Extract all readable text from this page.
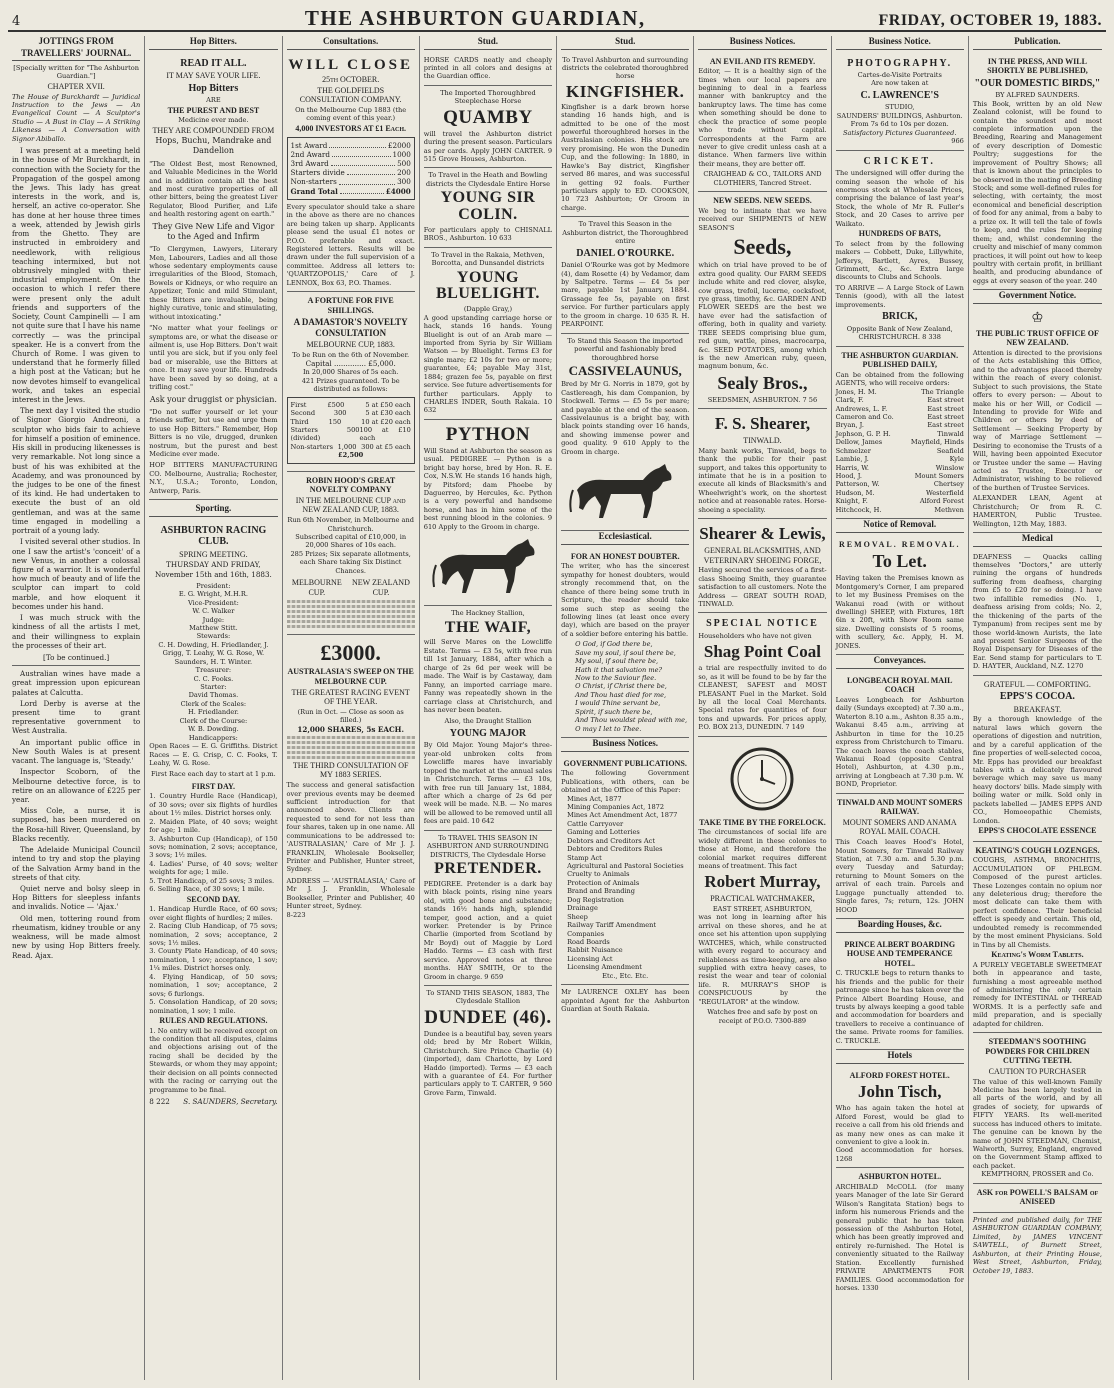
4	THE ASHBURTON GUARDIAN,	FRIDAY, OCTOBER 19, 1883.
JOTTINGS FROM TRAVELLERS' JOURNAL.
[Specially written for "The Ashburton Guardian."]
CHAPTER XVII.
The House of Burckhardt — Juridical Instruction to the Jews — An Evangelical Count — A Sculptor's Studio — A Bust in Clay — A Striking Likeness — A Conversation with Signor Abiballo.

I was present at a meeting held in the house of Mr Burckhardt, in connection with the Society for the Propagation of the gospel among the Jews. This lady has great interests in the work, and is, herself, an active co-operator. She has done at her house three times a week, attended by Jewish girls from the Ghetto. They are instructed in embroidery and needlework, with religious teaching intermixed, but not obtrusively mingled with their industrial employment. On the occasion to which I refer there were present only the adult friends and supporters of the Society, Count Campinelli — I am not quite sure that I have his name correctly — was the principal speaker. He is a convert from the Church of Rome. I was given to understand that he formerly filled a high post at the Vatican; but he now devotes himself to evangelical work, and takes an especial interest in the Jews.

The next day I visited the studio of Signor Giorgio Andreoni, a sculptor who bids fair to achieve for himself a position of eminence. His skill in producing likenesses is very remarkable. Not long since a bust of his was exhibited at the Academy, and was pronounced by the judges to be one of the finest of its kind. He had undertaken to execute the bust of an old gentleman, and was at the same time engaged in modelling a portrait of a young lady.

I visited several other studios. In one I saw the artist's 'conceit' of a new Venus, in another a colossal figure of a warrior. It is wonderful how much of beauty and of life the sculptor can impart to cold marble, and how eloquent it becomes under his hand.

I was much struck with the kindness of all the artists I met, and their willingness to explain the processes of their art.

[To be continued.]

Australian wines have made a great impression upon epicurean palates at Calcutta.

Lord Derby is averse at the present time to grant representative government to West Australia.

An important public office in New South Wales is at present vacant. The language is, 'Steady.'

Inspector Scoborn, of the Melbourne detective force, is to retire on an allowance of £225 per year.

Miss Cole, a nurse, it is supposed, has been murdered on the Rosa-hill River, Queensland, by Blacks recently.

The Adelaide Municipal Council intend to try and stop the playing of the Salvation Army band in the streets of that city.

Quiet nerve and bolsy sleep in Hop Bitters for sleepless infants and invalids. Notice — 'Ajax.'

Old men, tottering round from rheumatism, kidney trouble or any weakness, will be made almost new by using Hop Bitters freely. Read. Ajax.

Hop Bitters.
READ IT ALL.
IT MAY SAVE YOUR LIFE.
Hop Bitters
ARE
THE PUREST AND BEST
Medicine ever made.
THEY ARE COMPOUNDED FROM
Hops, Buchu, Mandrake and Dandelion

"The Oldest Best, most Renowned, and Valuable Medicines in the World and in addition contain all the best and most curative properties of all other bitters, being the greatest Liver Regulator, Blood Purifier, and Life and health restoring agent on earth."

They Give New Life and Vigor to the Aged and Infirm

"To Clergymen, Lawyers, Literary Men, Labourers, Ladies and all those whose sedentary employments cause irregularities of the Blood, Stomach, Bowels or Kidneys, or who require an Appetizer, Tonic and mild Stimulant, these Bitters are invaluable, being highly curative, tonic and stimulating, without intoxicating."

"No matter what your feelings or symptoms are, or what the disease or ailment is, use Hop Bitters. Don't wait until you are sick, but if you only feel bad or miserable, use the Bitters at once. It may save your life. Hundreds have been saved by so doing, at a trifling cost."

Ask your druggist or physician.

"Do not suffer yourself or let your friends suffer, but use and urge them to use Hop Bitters." Remember, Hop Bitters is no vile, drugged, drunken nostrum, but the purest and best Medicine ever made.

HOP BITTERS MANUFACTURING CO. Melbourne, Australia; Rochester, N.Y., U.S.A.; Toronto, London, Antwerp, Paris.

Sporting.
ASHBURTON RACING CLUB.
SPRING MEETING.
THURSDAY AND FRIDAY, November 15th and 16th, 1883.
President:
E. G. Wright, M.H.R.
Vice-President:
W. C. Walker
Judge:
Matthew Stitt.
Stewards:
C. H. Dowding, H. Friedlander, J. Grigg, T. Leahy, W. G. Rose, W. Saunders, H. T. Winter.
Treasurer:
C. C. Fooks.
Starter:
David Thomas.
Clerk of the Scales:
H. Friedlander.
Clerk of the Course:
W. B. Dowding.
Handicappers:
Open Races — E. G. Griffiths. District Races — E. G. Crisp, C. C. Fooks, T. Leahy, W. G. Rose.
First Race each day to start at 1 p.m.
FIRST DAY.

1. Country Hurdle Race (Handicap), of 30 sovs; over six flights of hurdles about 1½ miles. District horses only.

2. Maiden Plate, of 40 sovs; weight for age; 1 mile.

3. Ashburton Cup (Handicap), of 150 sovs; nomination, 2 sovs; acceptance, 3 sovs; 1½ miles.

4. Ladies' Purse, of 40 sovs; welter weights for age; 1 mile.

5. Trot Handicap, of 25 sovs; 3 miles.

6. Selling Race, of 30 sovs; 1 mile.

SECOND DAY.

1. Handicap Hurdle Race, of 60 sovs; over eight flights of hurdles; 2 miles.

2. Racing Club Handicap, of 75 sovs; nomination, 2 sovs; acceptance, 2 sovs; 1½ miles.

3. County Plate Handicap, of 40 sovs; nomination, 1 sov; acceptance, 1 sov; 1¼ miles. District horses only.

4. Flying Handicap, of 50 sovs; nomination, 1 sov; acceptance, 2 sovs; 6 furlongs.

5. Consolation Handicap, of 20 sovs; nomination, 1 sov; 1 mile.

RULES AND REGULATIONS.

1. No entry will be received except on the condition that all disputes, claims and objections arising out of the racing shall be decided by the Stewards, or whom they may appoint; their decision on all points connected with the racing or carrying out the programme to be final.

8 222 S. SAUNDERS, Secretary.
Consultations.
WILL CLOSE
25th OCTOBER.
THE GOLDFIELDS CONSULTATION COMPANY.
On the Melbourne Cup 1883 (the coming event of this year.)
4,000 INVESTORS AT £1 Each.
1st Award	£2000
2nd Award	1000
3rd Award	500
Starters divide	200
Non-starters	300
Grand Total	£4000

Every speculator should take a share in the above as there are no chances are being taken up sharp. Applicants please send the usual £1 notes or P.O.O. preferable and exact. Registered letters. Results will be drawn under the full supervision of a committee. Address all letters to: 'QUARTZOPOLIS,' Care of J. LENNOX, Box 63, P.O. Thames.

A FORTUNE FOR FIVE SHILLINGS.
A DAMASTOR'S NOVELTY CONSULTATION
MELBOURNE CUP, 1883.
To be Run on the 6th of November.
Capital .............. £5,000.
In 20,000 Shares of 5s each.
421 Prizes guaranteed. To be distributed as follows:
First	£500	5 at £50 each
Second	300	5 at £30 each
Third	150	10 at £20 each
Starters (divided)
500 100 at £10 each
Non-starters 1,000 300 at £5 each
£2,500
ROBIN HOOD'S GREAT NOVELTY COMPANY
IN THE MELBOURNE CUP and NEW ZEALAND CUP, 1883.
Run 6th November, in Melbourne and Christchurch.
Subscribed capital of £10,000, in 20,000 Shares of 10s each.
285 Prizes; Six separate allotments, each Share taking Six Distinct Chances.
MELBOURNE CUP.
NEW ZEALAND CUP.
£3000.
AUSTRALASIA'S SWEEP ON THE MELBOURNE CUP.
THE GREATEST RACING EVENT OF THE YEAR.
(Run in Oct. — Close as soon as filled.)
12,000 SHARES, 5s EACH.
THE THIRD CONSULTATION OF MY 1883 SERIES.

The success and general satisfaction over previous events may be deemed sufficient introduction for that announced above. Clients are requested to send for not less than four shares, taken up in one name. All communications to be addressed to: 'AUSTRALASIAN,' Care of Mr J. J. FRANKLIN, Wholesale Bookseller, Printer and Publisher, Hunter street, Sydney.

ADDRESS — 'AUSTRALASIA,' Care of Mr J. J. Franklin, Wholesale Bookseller, Printer and Publisher, 40 Hunter street, Sydney.

8-223
Stud.

HORSE CARDS neatly and cheaply printed in all colors and designs at the Guardian office.

The Imported Thoroughbred Steeplechase Horse
QUAMBY

will travel the Ashburton district during the present season. Particulars as per cards. Apply JOHN CARTER. 9 515 Grove Houses, Ashburton.

To Travel in the Heath and Bowling districts the Clydesdale Entire Horse
YOUNG SIR COLIN.

For particulars apply to CHISNALL BROS., Ashburton. 10 633

To Travel in the Rakaia, Methven, Borcotta, and Dunsandel districts
YOUNG BLUELIGHT.
(Dapple Gray,)

A good upstanding carriage horse or hack, stands 16 hands. Young Bluelight is out of an Arab mare — imported from Syria by Sir William Watson — by Bluelight. Terms £3 for single mare; £2 10s for two or more; guarantee, £4; payable May 31st, 1884; grazen fee 5s, payable on first service. See future advertisements for further particulars. Apply to CHARLES INDER, South Rakaia. 10 632

PYTHON

Will Stand at Ashburton the season as usual. PEDIGREE — Python is a bright bay horse, bred by Hon. R. E. Cox, N.S.W. He stands 16 hands high, by Pitsford; dam Phoebe by Daguerreo, by Hercules, &c. Python is a very powerful and handsome horse, and has in him some of the best running blood in the colonies. 9 610 Apply to the Groom in charge.

The Hackney Stallion,
THE WAIF,

will Serve Mares on the Lowcliffe Estate. Terms — £3 5s, with free run till 1st January, 1884, after which a charge of 2s 6d per week will be made. The Waif is by Castaway, dam Fanny, an imported carriage mare. Fanny was repeatedly shown in the carriage class at Christchurch, and has never been beaten.

Also, the Draught Stallion
YOUNG MAJOR

By Old Major. Young Major's three-year-old unbroken colts from Lowcliffe mares have invariably topped the market at the annual sales in Christchurch. Terms — £3 10s, with free run till January 1st, 1884, after which a charge of 2s 6d per week will be made. N.B. — No mares will be allowed to be removed until all fees are paid. 10 642

To TRAVEL THIS SEASON IN ASHBURTON AND SURROUNDING DISTRICTS, The Clydesdale Horse
PRETENDER.

PEDIGREE. Pretender is a dark bay with black points, rising nine years old, with good bone and substance; stands 16½ hands high, splendid temper, good action, and a quiet worker. Pretender is by Prince Charlie (imported from Scotland by Mr Boyd) out of Maggie by Lord Haddo. Terms — £3 cash with first service. Approved notes at three months. HAY SMITH, Or to the Groom in charge. 9 659

To STAND THIS SEASON, 1883, The Clydesdale Stallion
DUNDEE (46).

Dundee is a beautiful bay, seven years old; bred by Mr Robert Wilkin, Christchurch. Sire Prince Charlie (4) (imported), dam Charlotte, by Lord Haddo (imported). Terms — £3 each with a guarantee of £4. For further particulars apply to T. CARTER, 9 560 Grove Farm, Tinwald.

Stud.
To Travel Ashburton and surrounding districts the celebrated thoroughbred horse
KINGFISHER.

Kingfisher is a dark brown horse standing 16 hands high, and is admitted to be one of the most powerful thoroughbred horses in the Australasian colonies. His stock are very promising. He won the Dunedin Cup, and the following: In 1880, in Hawke's Bay district, Kingfisher served 86 mares, and was successful in getting 92 foals. Further particulars apply to ED. COOKSON, 10 723 Ashburton; Or Groom in charge.

To Travel this Season in the Ashburton district, the Thoroughbred entire
DANIEL O'ROURKE.

Daniel O'Rourke was got by Medmore (4), dam Rosette (4) by Vedamor, dam by Saltpetre. Terms — £4 5s per mare, payable 1st January, 1884. Grassage fee 5s, payable on first service. For further particulars apply to the groom in charge. 10 635 R. H. PEARPOINT.

To Stand this Season the imported powerful and fashionably bred thoroughbred horse
CASSIVELAUNUS,

Bred by Mr G. Norris in 1879, got by Castlereagh, his dam Companion, by Stockwell. Terms — £5 5s per mare; and payable at the end of the season. Cassivelaunus is a bright bay, with black points standing over 16 hands, and showing immense power and good quality. 9 610 Apply to the Groom in charge.

Ecclesiastical.
FOR AN HONEST DOUBTER.

The writer, who has the sincerest sympathy for honest doubters, would strongly recommend that, on the chance of there being some truth in Scripture, the reader should take some such step as seeing the following lines (at least once every day), which are based on the prayer of a soldier before entering his battle.

O God, if God there be,
Save my soul, if soul there be,
My soul, if soul there be,
Hath it that salvation me?
Now to the Saviour flee.
O Christ, if Christ there be,
And Thou hast died for me,
I would Thine servant be,
Spirit, if such there be,
And Thou wouldst plead with me,
O may I let to Thee.
Business Notices.
GOVERNMENT PUBLICATIONS.

The following Government Publications, with others, can be obtained at the Office of this Paper:

Mines Act, 1877
Mining Companies Act, 1872
Mines Act Amendment Act, 1877
Cattle Carryover
Gaming and Lotteries
Debtors and Creditors Act
Debtors and Creditors Rules
Stamp Act
Agricultural and Pastoral Societies
Cruelty to Animals
Protection of Animals
Brand and Branding
Dog Registration
Drainage
Sheep
Railway Tariff Amendment
Companies
Road Boards
Rabbit Nuisance
Licensing Act
Licensing Amendment
Etc., Etc. Etc.

Mr LAURENCE OXLEY has been appointed Agent for the Ashburton Guardian at South Rakaia.

Business Notices.
AN EVIL AND ITS REMEDY.

Editor, — It is a healthy sign of the times when our local papers are beginning to deal in a fearless manner with bankruptcy and the bankruptcy laws. The time has come when something should be done to check the practice of some people who trade without capital. Correspondents at the Farm are never to give credit unless cash at a distance. When farmers live within their means, they are better off.

CRAIGHEAD & CO., TAILORS AND CLOTHIERS, Tancred Street.
NEW SEEDS. NEW SEEDS.

We beg to intimate that we have received our SHIPMENTS of NEW SEASON'S

Seeds,

which on trial have proved to be of extra good quality. Our FARM SEEDS include white and red clover, alsyke, cow grass, trefoil, lucerne, cocksfoot, rye grass, timothy, &c. GARDEN AND FLOWER SEEDS are the best we have ever had the satisfaction of offering, both in quality and variety. TREE SEEDS comprising blue gum, red gum, wattle, pines, macrocarpa, &c. SEED POTATOES, among which is the new American ruby, queen, magnum bonum, &c.

Sealy Bros.,
SEEDSMEN, ASHBURTON. 7 56
F. S. Shearer,
TINWALD.

Many bank works, Tinwald, begs to thank the public for their past support, and takes this opportunity to intimate that he is in a position to execute all kinds of Blacksmith's and Wheelwright's work, on the shortest notice and at reasonable rates. Horse-shoeing a speciality.

Shearer & Lewis,
GENERAL BLACKSMITHS, AND VETERINARY SHOEING FORGE,

Having secured the services of a first-class Shoeing Smith, they guarantee satisfaction to all customers. Note the Address — GREAT SOUTH ROAD, TINWALD.

SPECIAL NOTICE

Householders who have not given

Shag Point Coal

a trial are respectfully invited to do so, as it will be found to be by far the CLEANEST, SAFEST and MOST PLEASANT Fuel in the Market. Sold by all the local Coal Merchants. Special rates for quantities of four tons and upwards. For prices apply, P.O. BOX 213, DUNEDIN. 7 149

TAKE TIME BY THE FORELOCK.

The circumstances of social life are widely different in these colonies to those at Home, and therefore the colonial market requires different means of treatment. This fact

Robert Murray,
PRACTICAL WATCHMAKER,
EAST STREET, ASHBURTON,

was not long in learning after his arrival on these shores, and he at once set his attention upon supplying WATCHES, which, while constructed with every regard to accuracy and reliableness as time-keeping, are also supplied with extra heavy cases, to resist the wear and tear of colonial life. R. MURRAY'S SHOP is CONSPICUOUS by the "REGULATOR" at the window.

Watches free and safe by post on receipt of P.O.O. 7300-889
Business Notice.
PHOTOGRAPHY.
Cartes-de-Visite Portraits
Are now taken at
C. LAWRENCE'S
STUDIO,
SAUNDERS' BUILDINGS, Ashburton.
From 7s 6d to 10s per dozen.
Satisfactory Pictures Guaranteed.
966
CRICKET.

The undersigned will offer during the coming season the whole of his enormous stock at Wholesale Prices, comprising the balance of last year's Stock, the whole of Mr R. Fuller's Stock, and 20 Cases to arrive per Waikato.

HUNDREDS OF BATS,

To select from by the following makers — Cobbett, Duke, Lillywhite, Jefferys, Bartlett, Ayres, Bussey, Grimmett, &c., &c. Extra large discounts to Clubs and Schools.

TO ARRIVE — A Large Stock of Lawn Tennis (good), with all the latest improvements.

BRICK,
Opposite Bank of New Zealand, CHRISTCHURCH. 8 338
THE ASHBURTON GUARDIAN. PUBLISHED DAILY,

Can be obtained from the following AGENTS, who will receive orders:

Jones, H. M.	The Triangle
Clark, F.	East street
Andrewes, L. F.	East street
Cameron and Co.	East street
Bryan, J.	East street
Jephson, G. P. H.	Tinwald
Dellow, James	Mayfield, Hinds
Schmelzer	Seafield
Lambie, J.	Kyle
Harris, W.	Winslow
Hood, J.	Mount Somers
Patterson, W.	Chertsey
Hudson, M.	Westerfield
Knight, F.	Alford Forest
Hitchcock, H.	Methven
Notice of Removal.
REMOVAL. REMOVAL.
To Let.

Having taken the Premises known as Montgomery's Corner, I am prepared to let my Business Premises on the Wakanui road (with or without dwelling) SHEEP, with Fixtures, 18ft 6in x 20ft, with Show Room same size. Dwelling consists of 5 rooms, with scullery, &c. Apply, H. M. JONES.

Conveyances.
LONGBEACH ROYAL MAIL COACH

Leaves Longbeach for Ashburton daily (Sundays excepted) at 7.30 a.m., Waterton 8.10 a.m., Ashton 8.35 a.m., Wakanui 8.45 a.m., arriving at Ashburton in time for the 10.25 express from Christchurch to Timaru. The coach leaves the coach stables, Wakanui Road (opposite Central Hotel), Ashburton, at 4.30 p.m., arriving at Longbeach at 7.30 p.m. W. BOND, Proprietor.

TINWALD AND MOUNT SOMERS RAILWAY.
MOUNT SOMERS AND ANAMA ROYAL MAIL COACH.

This Coach leaves Hood's Hotel, Mount Somers, for Tinwald Railway Station, at 7.30 a.m. and 5.30 p.m. every Tuesday and Saturday; returning to Mount Somers on the arrival of each train. Parcels and Luggage punctually attended to. Single fares, 7s; return, 12s. JOHN HOOD

Boarding Houses, &c.
PRINCE ALBERT BOARDING HOUSE AND TEMPERANCE HOTEL.

C. TRUCKLE begs to return thanks to his friends and the public for their patronage since he has taken over the Prince Albert Boarding House, and trusts by always keeping a good table and accommodation for boarders and travellers to receive a continuance of the same. Private rooms for families. C. TRUCKLE.

Hotels
ALFORD FOREST HOTEL.
John Tisch,

Who has again taken the hotel at Alford Forest, would be glad to receive a call from his old friends and as many new ones as can make it convenient to give a look in.

Good accommodation for horses. 1268
ASHBURTON HOTEL.

ARCHIBALD McCOLL (for many years Manager of the late Sir Gerard Wilson's Rangitata Station) begs to inform his numerous Friends and the general public that he has taken possession of the Ashburton Hotel, which has been greatly improved and entirely re-furnished. The Hotel is conveniently situated to the Railway Station. Excellently furnished PRIVATE APARTMENTS FOR FAMILIES. Good accommodation for horses. 1330

Publication.
IN THE PRESS, AND WILL SHORTLY BE PUBLISHED,
"OUR DOMESTIC BIRDS,"
BY ALFRED SAUNDERS.

This Book, written by an old New Zealand colonist, will be found to contain the soundest and most complete information upon the Breeding, Rearing and Management of every description of Domestic Poultry; suggestions for the improvement of Poultry Shows; all that is known about the principles to be observed in the mating of Breeding Stock; and some well-defined rules for selecting, with certainty, the most economical and beneficial description of food for any animal, from a baby to a prize ox. It will tell the tale of fowls to keep, and the rules for keeping them; and, whilst condemning the cruelty and mischief of many common practices, it will point out how to keep poultry with certain profit, in brilliant health, and producing abundance of eggs at every season of the year. 240

Government Notice.
♔
THE PUBLIC TRUST OFFICE OF NEW ZEALAND.

Attention is directed to the provisions of the Acts establishing this Office, and to the advantages placed thereby within the reach of every colonist. Subject to such provisions, the State offers to every person: — About to make his or her Will, or Codicil — Intending to provide for Wife and Children or others by deed of Settlement — Seeking Property by way of Marriage Settlement — Desiring to economise the Trusts of a Will, having been appointed Executor or Trustee under the same — Having acted as Trustee, Executor or Administrator, wishing to be relieved of the burthen of Trustee Services.

ALEXANDER LEAN, Agent at Christchurch; Or from R. C. HAMERTON, Public Trustee. Wellington, 12th May, 1883.

Medical

DEAFNESS — Quacks calling themselves "Doctors," are utterly ruining the organs of hundreds suffering from deafness, charging from £5 to £20 for so doing. I have two infallible remedies (No. 1, deafness arising from colds; No. 2, the thickening of the parts of the Tympanum) from recipes sent me by those world-known Aurists, the late and present Senior Surgeons of the Royal Dispensary for Diseases of the Ear. Send stamp for particulars to T. D. HAYTER, Auckland, N.Z. 1270

GRATEFUL — COMFORTING.
EPPS'S COCOA.
BREAKFAST.

By a thorough knowledge of the natural laws which govern the operations of digestion and nutrition, and by a careful application of the fine properties of well-selected cocoa, Mr. Epps has provided our breakfast tables with a delicately flavoured beverage which may save us many heavy doctors' bills. Made simply with boiling water or milk. Sold only in packets labelled — JAMES EPPS AND CO., Homoeopathic Chemists, London.

EPPS'S CHOCOLATE ESSENCE
KEATING'S COUGH LOZENGES.

COUGHS, ASTHMA, BRONCHITIS, ACCUMULATION OF PHLEGM. Composed of the purest articles. These Lozenges contain no opium nor any deleterious drug; therefore the most delicate can take them with perfect confidence. Their beneficial effect is speedy and certain. This old, undoubted remedy is recommended by the most eminent Physicians. Sold in Tins by all Chemists.

Keating's Worm Tablets.

A PURELY VEGETABLE SWEETMEAT both in appearance and taste, furnishing a most agreeable method of administering the only certain remedy for INTESTINAL or THREAD WORMS. It is a perfectly safe and mild preparation, and is specially adapted for children.

STEEDMAN'S SOOTHING POWDERS FOR CHILDREN CUTTING TEETH.
CAUTION TO PURCHASER

The value of this well-known Family Medicine has been largely tested in all parts of the world, and by all grades of society, for upwards of FIFTY YEARS. Its well-merited success has induced others to imitate. The genuine can be known by the name of JOHN STEEDMAN, Chemist, Walworth, Surrey, England, engraved on the Government Stamp affixed to each packet.

KEMPTHORN, PROSSER and Co.
ASK for POWELL'S BALSAM of ANISEED

Printed and published daily, for THE ASHBURTON GUARDIAN COMPANY, Limited, by JAMES VINCENT SAWTELL, of Burnett Street, Ashburton, at their Printing House, West Street, Ashburton, Friday, October 19, 1883.
